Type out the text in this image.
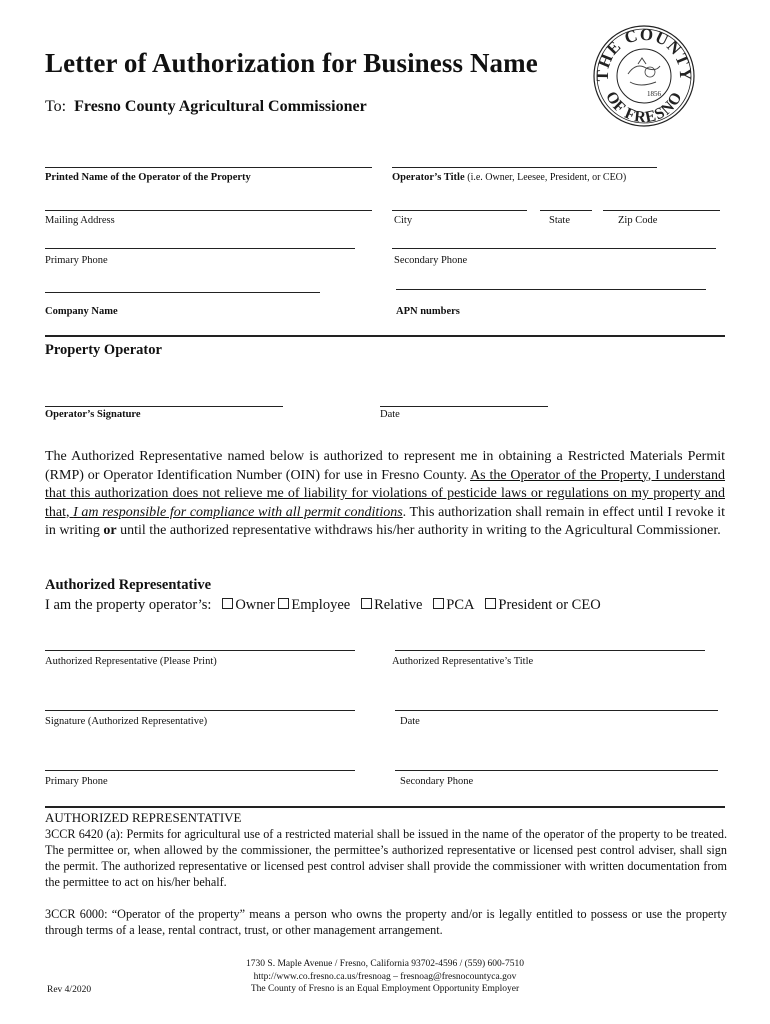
Letter of Authorization for Business Name
To: Fresno County Agricultural Commissioner
THE COUNTY
OF FRESNO
1856
Printed Name of the Operator of the Property	Operator’s Title (i.e. Owner, Leesee, President, or CEO)
Mailing Address	City	State	Zip Code
Primary Phone	Secondary Phone
Company Name	APN numbers
Property Operator
Operator’s Signature	Date
The Authorized Representative named below is authorized to represent me in obtaining a Restricted Materials Permit (RMP) or Operator Identification Number (OIN) for use in Fresno County. As the Operator of the Property, I understand that this authorization does not relieve me of liability for violations of pesticide laws or regulations on my property and that, I am responsible for compliance with all permit conditions. This authorization shall remain in effect until I revoke it in writing or until the authorized representative withdraws his/her authority in writing to the Agricultural Commissioner.
Authorized Representative
I am the property operator’s: Owner Employee Relative PCA President or CEO
Authorized Representative (Please Print)	Authorized Representative’s Title
Signature (Authorized Representative)	Date
Primary Phone	Secondary Phone
AUTHORIZED REPRESENTATIVE
3CCR 6420 (a): Permits for agricultural use of a restricted material shall be issued in the name of the operator of the property to be treated. The permittee or, when allowed by the commissioner, the permittee’s authorized representative or licensed pest control adviser, shall sign the permit. The authorized representative or licensed pest control adviser shall provide the commissioner with written documentation from the permittee to act on his/her behalf.
3CCR 6000: “Operator of the property” means a person who owns the property and/or is legally entitled to possess or use the property through terms of a lease, rental contract, trust, or other management arrangement.
1730 S. Maple Avenue / Fresno, California 93702-4596 / (559) 600-7510
http://www.co.fresno.ca.us/fresnoag – fresnoag@fresnocountyca.gov
The County of Fresno is an Equal Employment Opportunity Employer
Rev 4/2020
